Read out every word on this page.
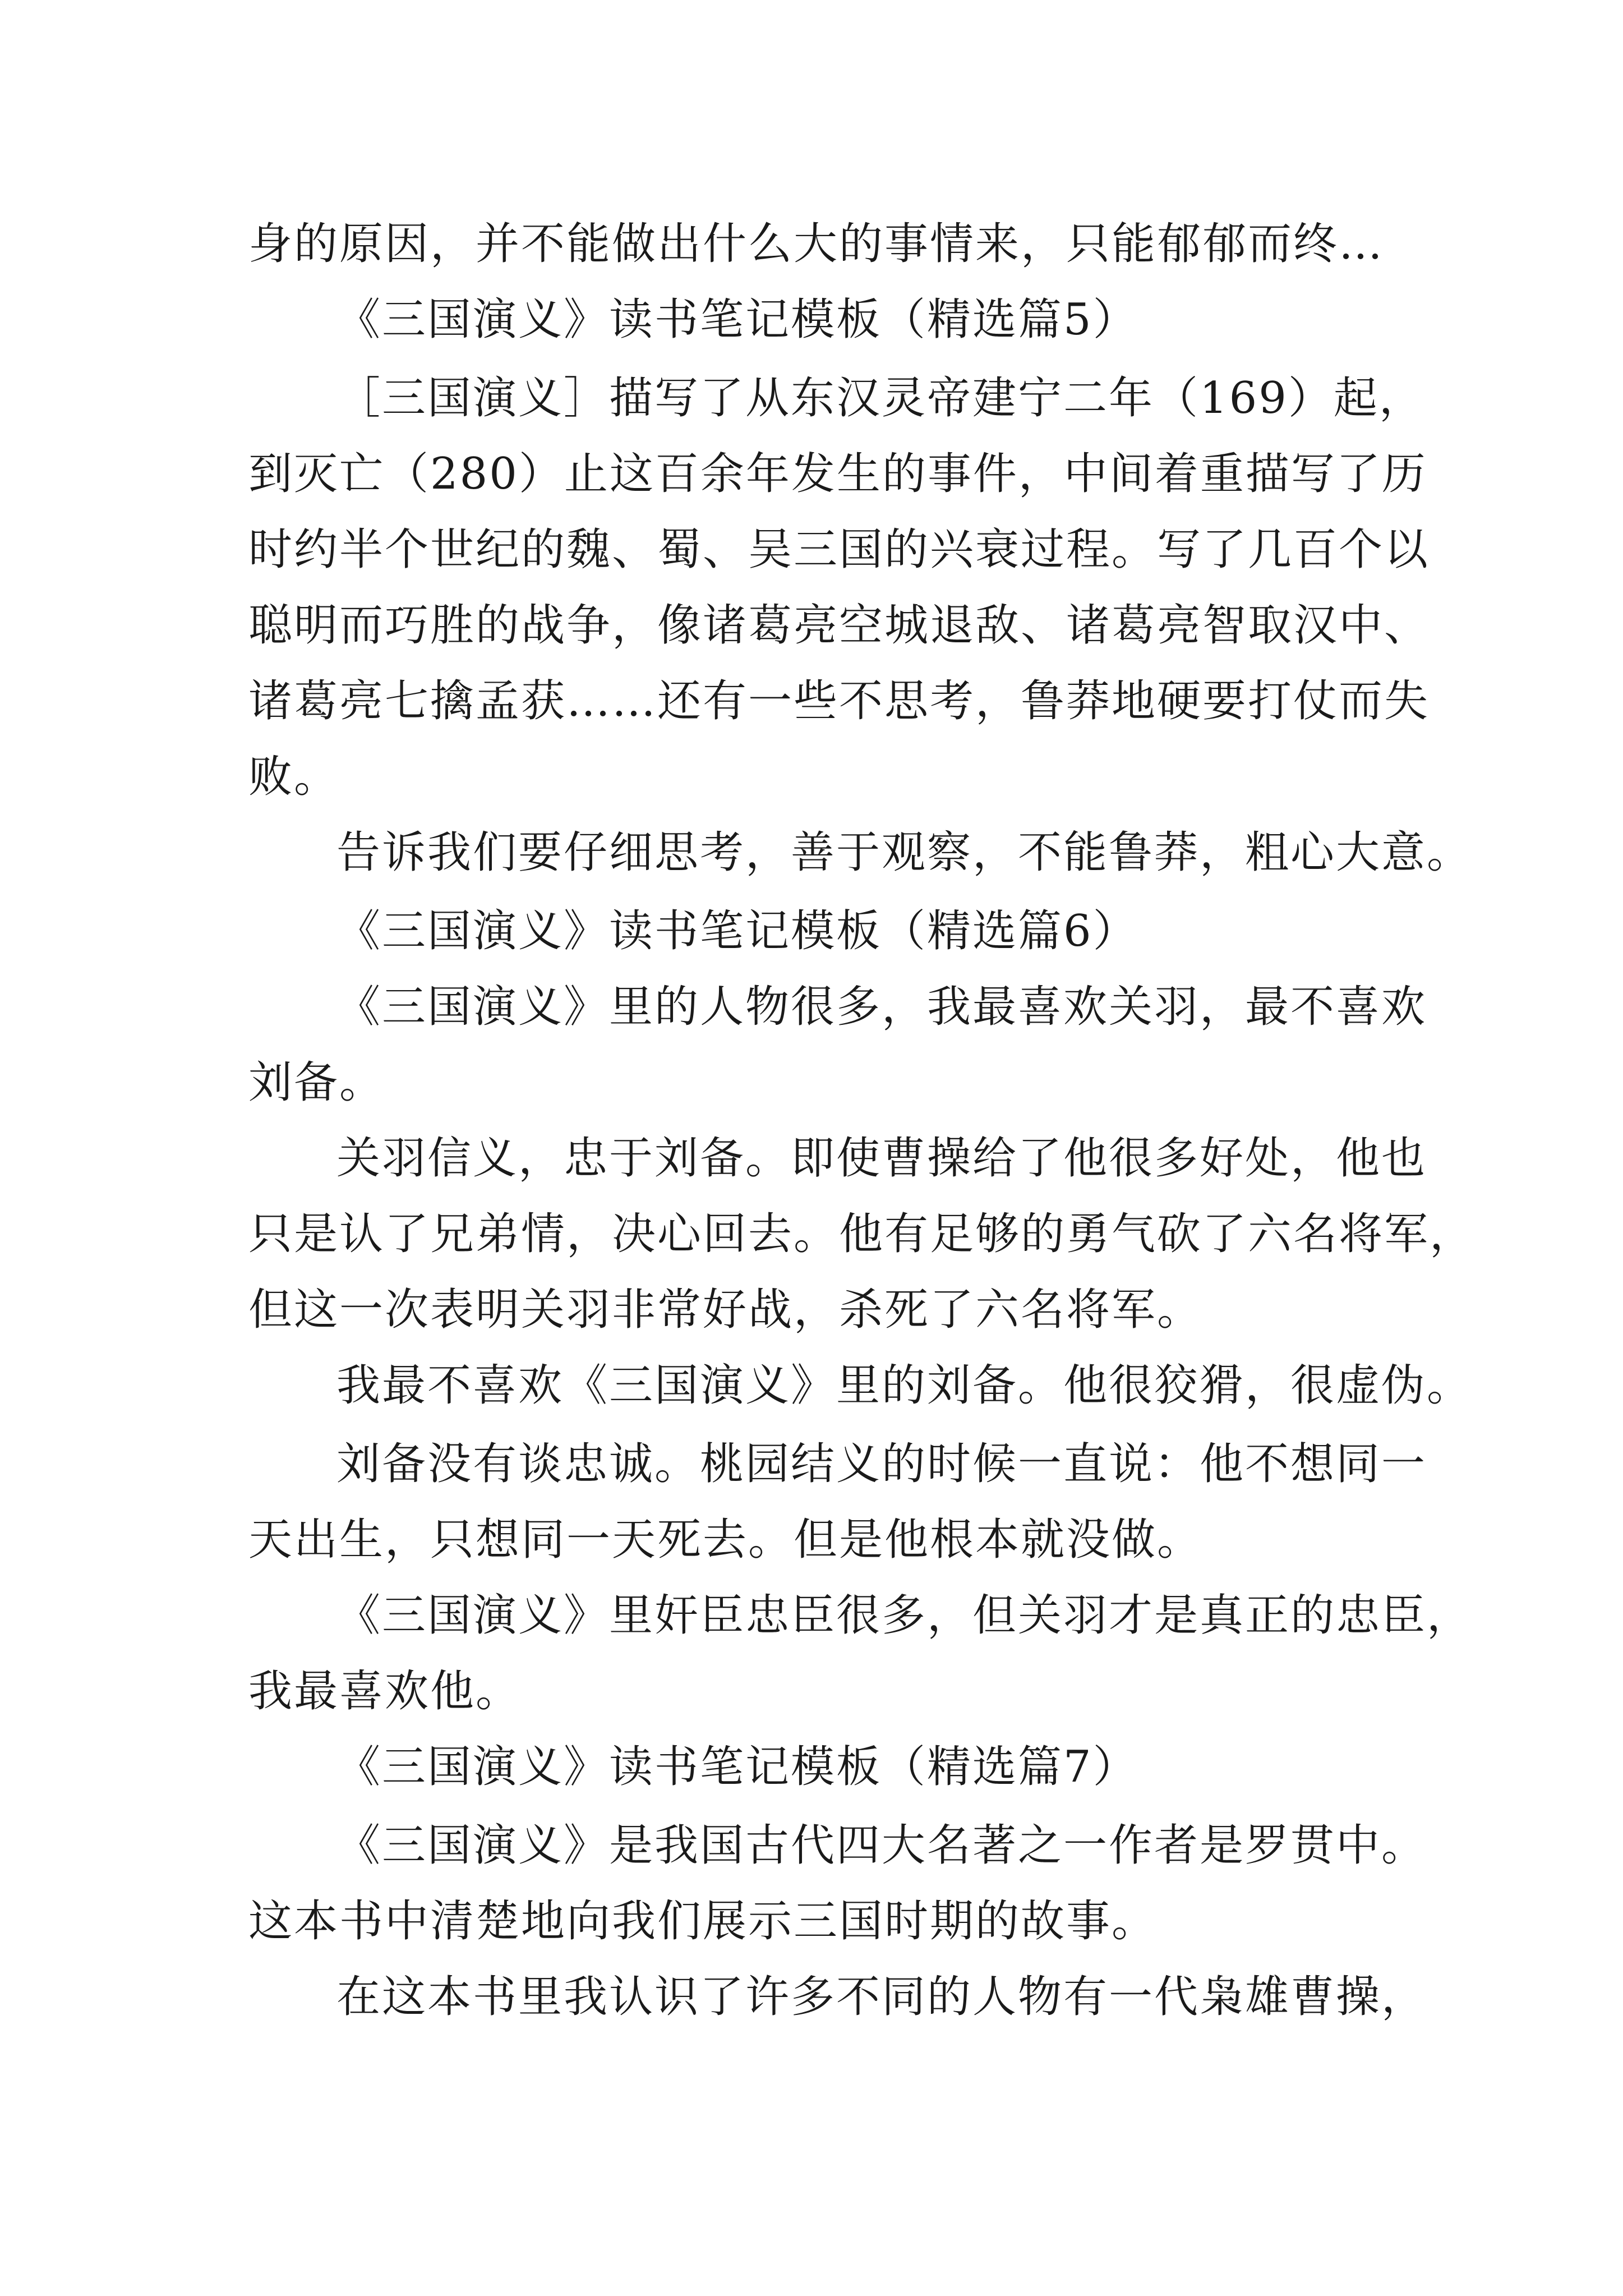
身的原因，并不能做出什么大的事情来，只能郁郁而终…
《三国演义》读书笔记模板（精选篇5）
［三国演义］描写了从东汉灵帝建宁二年（169）起，
到灭亡（280）止这百余年发生的事件，中间着重描写了历
时约半个世纪的魏、蜀、吴三国的兴衰过程。写了几百个以
聪明而巧胜的战争，像诸葛亮空城退敌、诸葛亮智取汉中、
诸葛亮七擒孟获……还有一些不思考，鲁莽地硬要打仗而失
败。
告诉我们要仔细思考，善于观察，不能鲁莽，粗心大意。
《三国演义》读书笔记模板（精选篇6）
《三国演义》里的人物很多，我最喜欢关羽，最不喜欢
刘备。
关羽信义，忠于刘备。即使曹操给了他很多好处，他也
只是认了兄弟情，决心回去。他有足够的勇气砍了六名将军，
但这一次表明关羽非常好战，杀死了六名将军。
我最不喜欢《三国演义》里的刘备。他很狡猾，很虚伪。
刘备没有谈忠诚。桃园结义的时候一直说：他不想同一
天出生，只想同一天死去。但是他根本就没做。
《三国演义》里奸臣忠臣很多，但关羽才是真正的忠臣，
我最喜欢他。
《三国演义》读书笔记模板（精选篇7）
《三国演义》是我国古代四大名著之一作者是罗贯中。
这本书中清楚地向我们展示三国时期的故事。
在这本书里我认识了许多不同的人物有一代枭雄曹操，
